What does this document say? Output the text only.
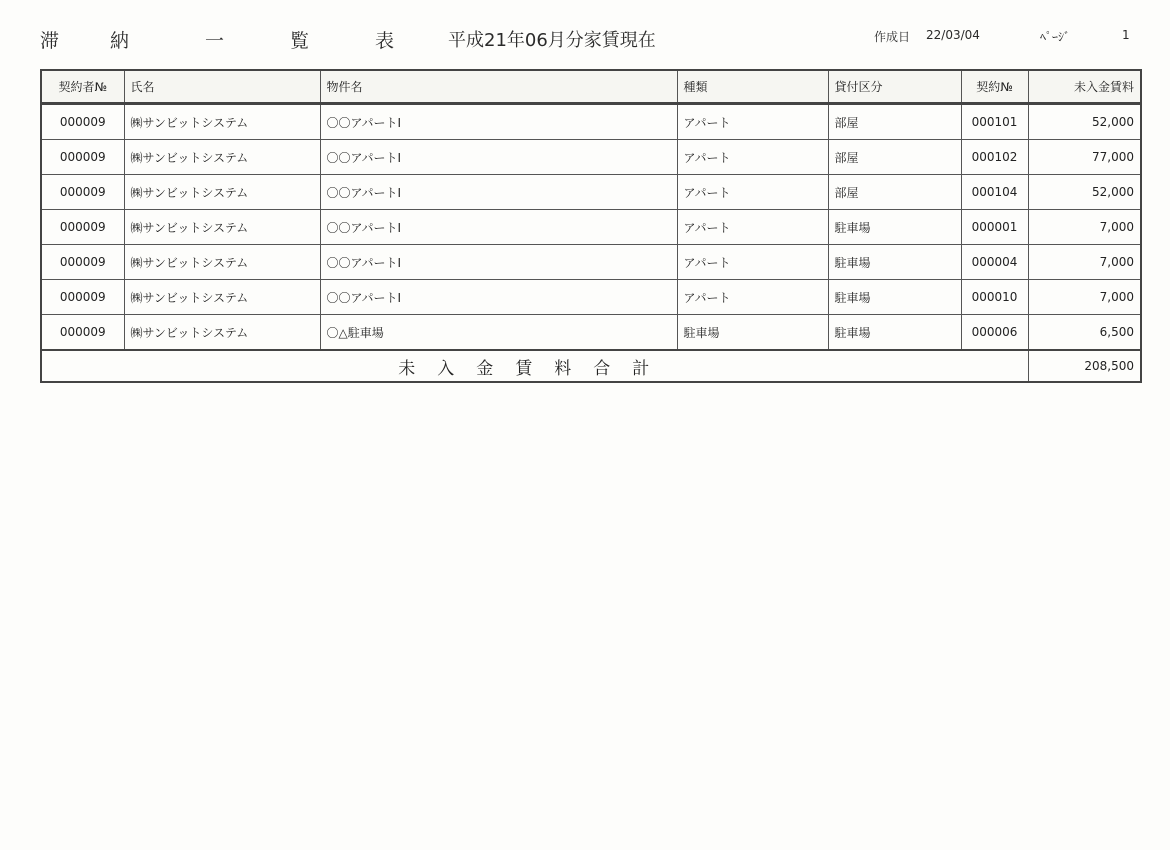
滞	納	一	覧	表	平成21年06月分家賃現在	作成日 22/03/04	ﾍﾟｰｼﾞ	1
契約者№	氏名	物件名	種類	貸付区分	契約№	未入金賃料
000009	㈱サンビットシステム	〇〇アパートⅠ	アパート	部屋	000101	52,000
000009	㈱サンビットシステム	〇〇アパートⅠ	アパート	部屋	000102	77,000
000009	㈱サンビットシステム	〇〇アパートⅠ	アパート	部屋	000104	52,000
000009	㈱サンビットシステム	〇〇アパートⅠ	アパート	駐車場	000001	7,000
000009	㈱サンビットシステム	〇〇アパートⅠ	アパート	駐車場	000004	7,000
000009	㈱サンビットシステム	〇〇アパートⅠ	アパート	駐車場	000010	7,000
000009	㈱サンビットシステム	〇△駐車場	駐車場	駐車場	000006	6,500
未入金賃料合計						208,500
